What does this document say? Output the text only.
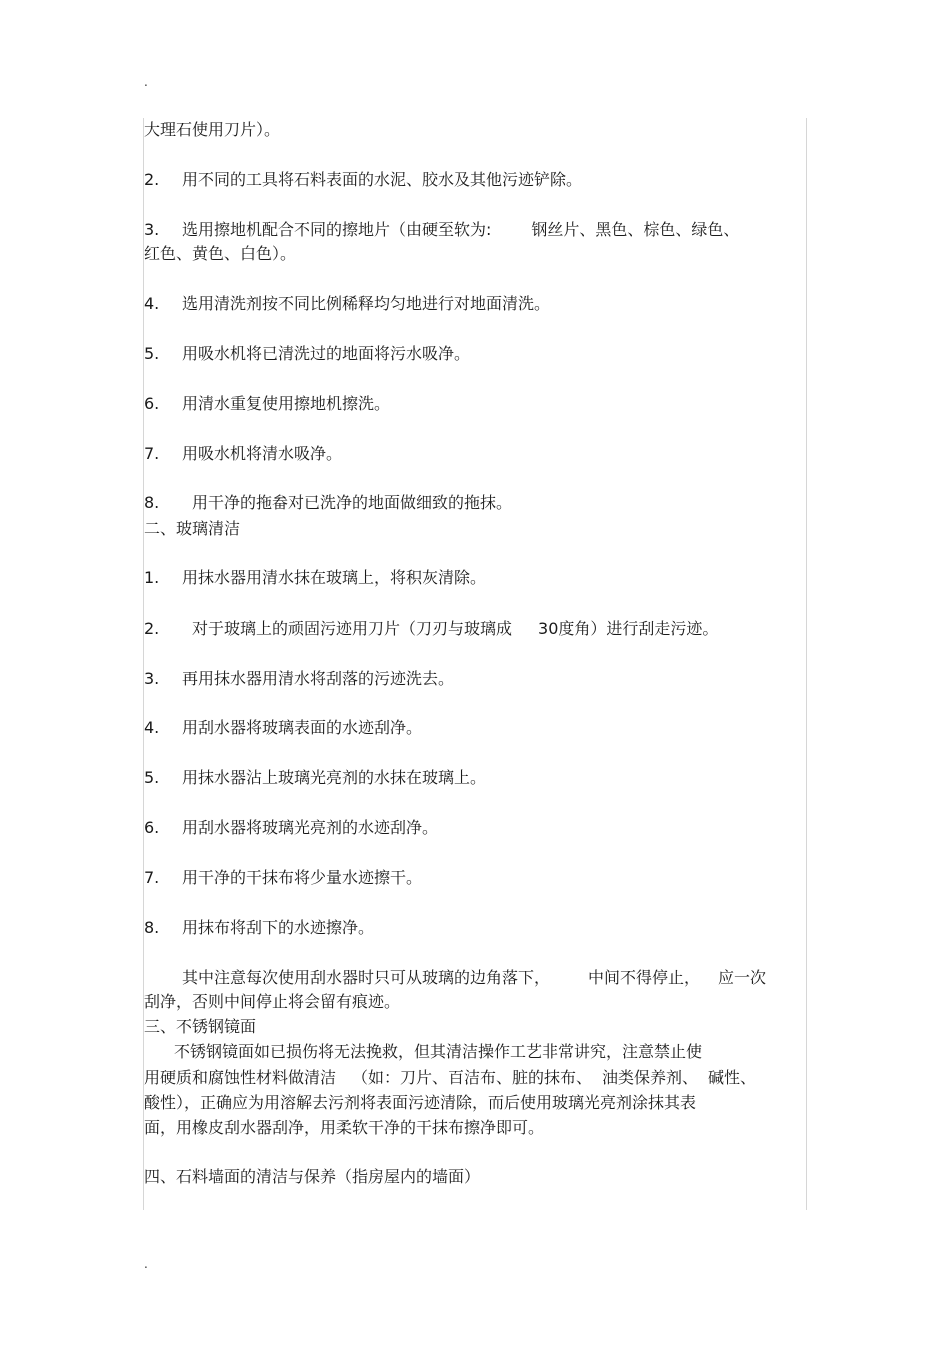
.
.
大理石使用刀片）。
2. 用不同的工具将石料表面的水泥、胶水及其他污迹铲除。
3. 选用擦地机配合不同的擦地片（由硬至软为:	钢丝片、黑色、棕色、绿色、
红色、黄色、白色）。
4. 选用清洗剂按不同比例稀释均匀地进行对地面清洗。
5. 用吸水机将已清洗过的地面将污水吸净。
6. 用清水重复使用擦地机擦洗。
7. 用吸水机将清水吸净。
8. 用干净的拖畚对已洗净的地面做细致的拖抹。
二、玻璃清洁
1. 用抹水器用清水抹在玻璃上，将积灰清除。
2. 对于玻璃上的顽固污迹用刀片（刀刃与玻璃成 30度角）进行刮走污迹。
3. 再用抹水器用清水将刮落的污迹洗去。
4. 用刮水器将玻璃表面的水迹刮净。
5. 用抹水器沾上玻璃光亮剂的水抹在玻璃上。
6. 用刮水器将玻璃光亮剂的水迹刮净。
7. 用干净的干抹布将少量水迹擦干。
8. 用抹布将刮下的水迹擦净。
其中注意每次使用刮水器时只可从玻璃的边角落下， 中间不得停止， 应一次
刮净，否则中间停止将会留有痕迹。
三、不锈钢镜面
不锈钢镜面如已损伤将无法挽救，但其清洁操作工艺非常讲究，注意禁止使
用硬质和腐蚀性材料做清洁 （如：刀片、百洁布、脏的抹布、 油类保养剂、 碱性、
酸性），正确应为用溶解去污剂将表面污迹清除，而后使用玻璃光亮剂涂抹其表
面，用橡皮刮水器刮净，用柔软干净的干抹布擦净即可。
四、石料墙面的清洁与保养（指房屋内的墙面）
